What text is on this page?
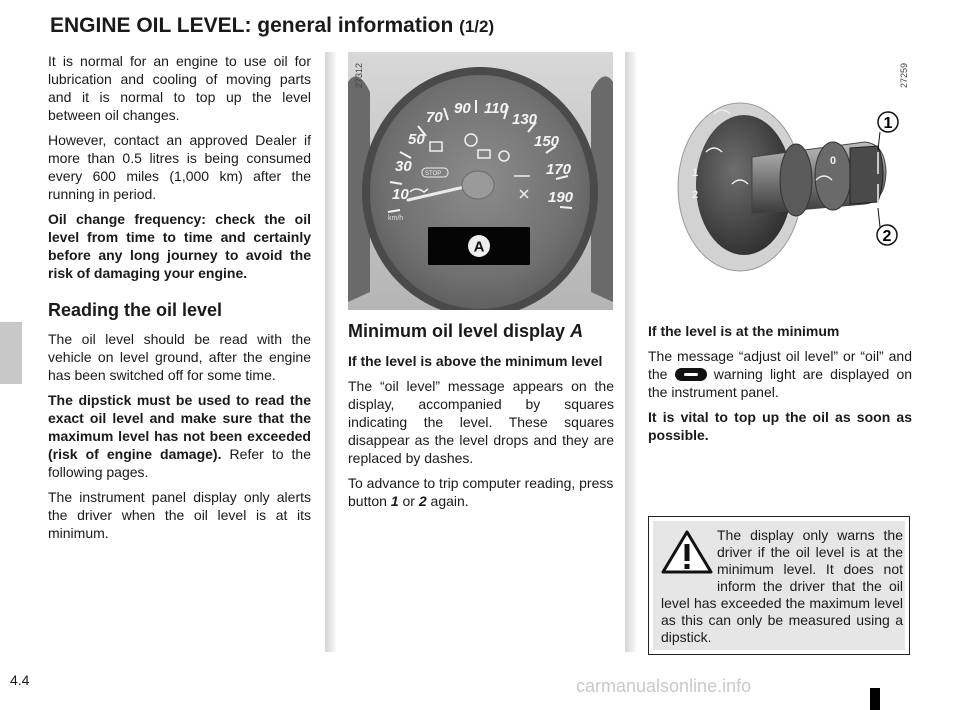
ENGINE OIL LEVEL: general information (1/2)

It is normal for an engine to use oil for lubrication and cooling of moving parts and it is normal to top up the level between oil changes.

However, contact an approved Dealer if more than 0.5 litres is being consumed every 600 miles (1,000 km) after the running in period.

Oil change frequency: check the oil level from time to time and certainly before any long journey to avoid the risk of damaging your engine.

Reading the oil level

The oil level should be read with the vehicle on level ground, after the engine has been switched off for some time.

The dipstick must be used to read the exact oil level and make sure that the maximum level has not been exceeded (risk of engine damage). Refer to the following pages.

The instrument panel display only alerts the driver when the oil level is at its minimum.

10
30
50
70
90 110
130
150
170
190
km/h
STOP
A
27312
0
1
2
1
2
27259
Minimum oil level display A

If the level is above the minimum level

The “oil level” message appears on the display, accompanied by squares indicating the level. These squares disappear as the level drops and they are replaced by dashes.

To advance to trip computer reading, press button 1 or 2 again.

If the level is at the minimum

The message “adjust oil level” or “oil” and the	warning light are displayed on the instrument panel.

It is vital to top up the oil as soon as possible.

The display only warns the driver if the oil level is at the minimum level. It does not inform the driver that the oil level has exceeded the maximum level as this can only be measured using a dipstick.
4.4	carmanualsonline.info
